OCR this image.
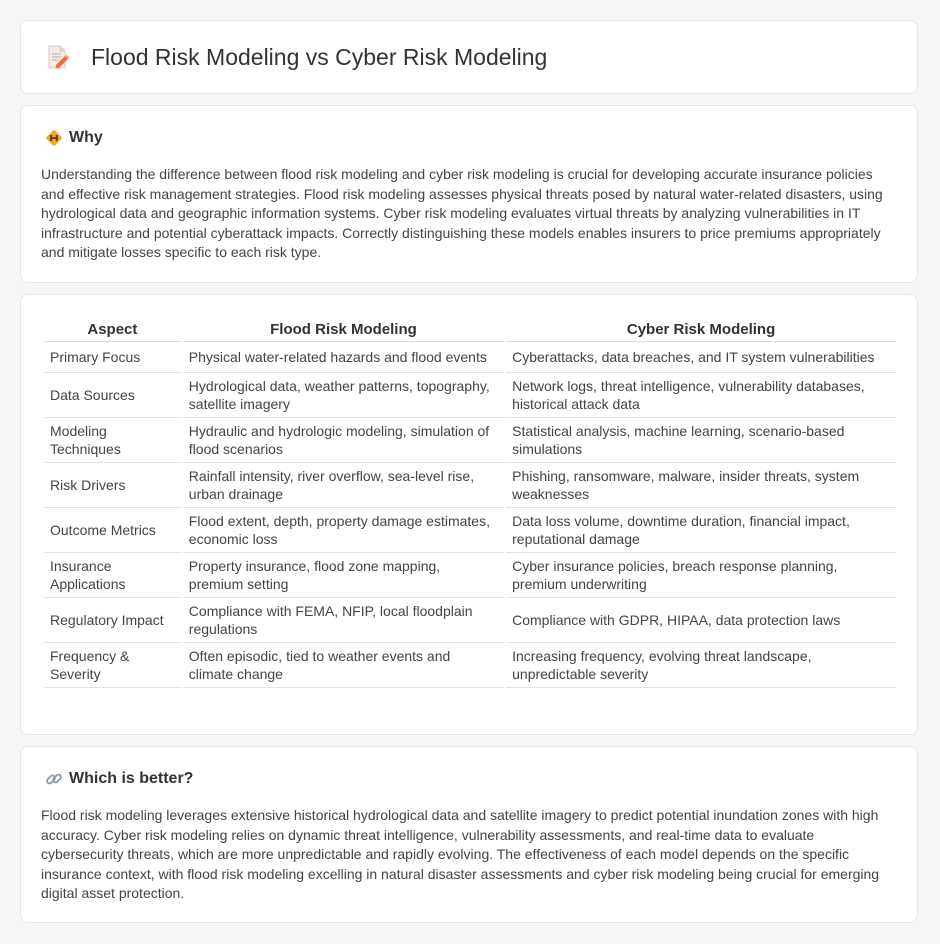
Flood Risk Modeling vs Cyber Risk Modeling
Why

Understanding the difference between flood risk modeling and cyber risk modeling is crucial for developing accurate insurance policies and effective risk management strategies. Flood risk modeling assesses physical threats posed by natural water-related disasters, using hydrological data and geographic information systems. Cyber risk modeling evaluates virtual threats by analyzing vulnerabilities in IT infrastructure and potential cyberattack impacts. Correctly distinguishing these models enables insurers to price premiums appropriately and mitigate losses specific to each risk type.

Aspect	Flood Risk Modeling	Cyber Risk Modeling
Primary Focus	Physical water-related hazards and flood events	Cyberattacks, data breaches, and IT system vulnerabilities
Data Sources	Hydrological data, weather patterns, topography, satellite imagery	Network logs, threat intelligence, vulnerability databases, historical attack data
Modeling Techniques	Hydraulic and hydrologic modeling, simulation of flood scenarios	Statistical analysis, machine learning, scenario-based simulations
Risk Drivers	Rainfall intensity, river overflow, sea-level rise, urban drainage	Phishing, ransomware, malware, insider threats, system weaknesses
Outcome Metrics	Flood extent, depth, property damage estimates, economic loss	Data loss volume, downtime duration, financial impact, reputational damage
Insurance Applications	Property insurance, flood zone mapping, premium setting	Cyber insurance policies, breach response planning, premium underwriting
Regulatory Impact	Compliance with FEMA, NFIP, local floodplain regulations	Compliance with GDPR, HIPAA, data protection laws
Frequency & Severity	Often episodic, tied to weather events and climate change	Increasing frequency, evolving threat landscape, unpredictable severity
Which is better?

Flood risk modeling leverages extensive historical hydrological data and satellite imagery to predict potential inundation zones with high accuracy. Cyber risk modeling relies on dynamic threat intelligence, vulnerability assessments, and real-time data to evaluate cybersecurity threats, which are more unpredictable and rapidly evolving. The effectiveness of each model depends on the specific insurance context, with flood risk modeling excelling in natural disaster assessments and cyber risk modeling being crucial for emerging digital asset protection.
